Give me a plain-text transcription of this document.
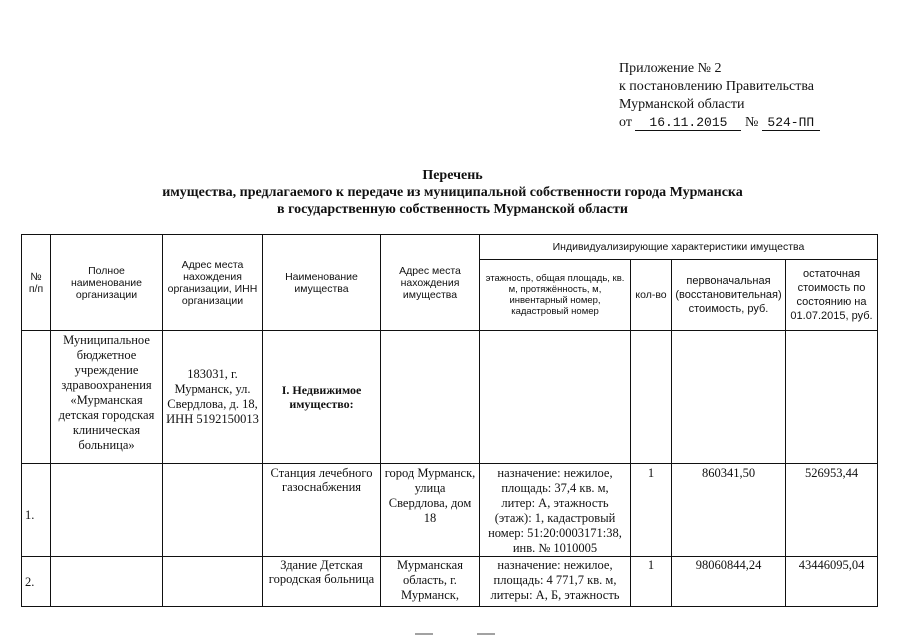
Приложение № 2
к постановлению Правительства
Мурманской области
от 16.11.2015 № 524-ПП
Перечень
имущества, предлагаемого к передаче из муниципальной собственности города Мурманска
в государственную собственность Мурманской области
№ п/п	Полное наименование организации	Адрес места нахождения организации, ИНН организации	Наименование имущества	Адрес места нахождения имущества	Индивидуализирующие характеристики имущества			
					этажность, общая площадь, кв. м, протяжённость, м, инвентарный номер, кадастровый номер	кол-во	первоначальная (восстановительная) стоимость, руб.	остаточная стоимость по состоянию на 01.07.2015, руб.
	Муниципальное бюджетное учреждение здравоохранения «Мурманская детская городская клиническая больница»	183031, г. Мурманск, ул. Свердлова, д. 18, ИНН 5192150013	I. Недвижимое имущество:					
1.			Станция лечебного газоснабжения	город Мурманск, улица Свердлова, дом 18	назначение: нежилое, площадь: 37,4 кв. м, литер: А, этажность (этаж): 1, кадастровый номер: 51:20:0003171:38, инв. № 1010005	1	860341,50	526953,44
2.			Здание Детская городская больница	Мурманская область, г. Мурманск,	назначение: нежилое, площадь: 4 771,7 кв. м, литеры: А, Б, этажность	1	98060844,24	43446095,04
